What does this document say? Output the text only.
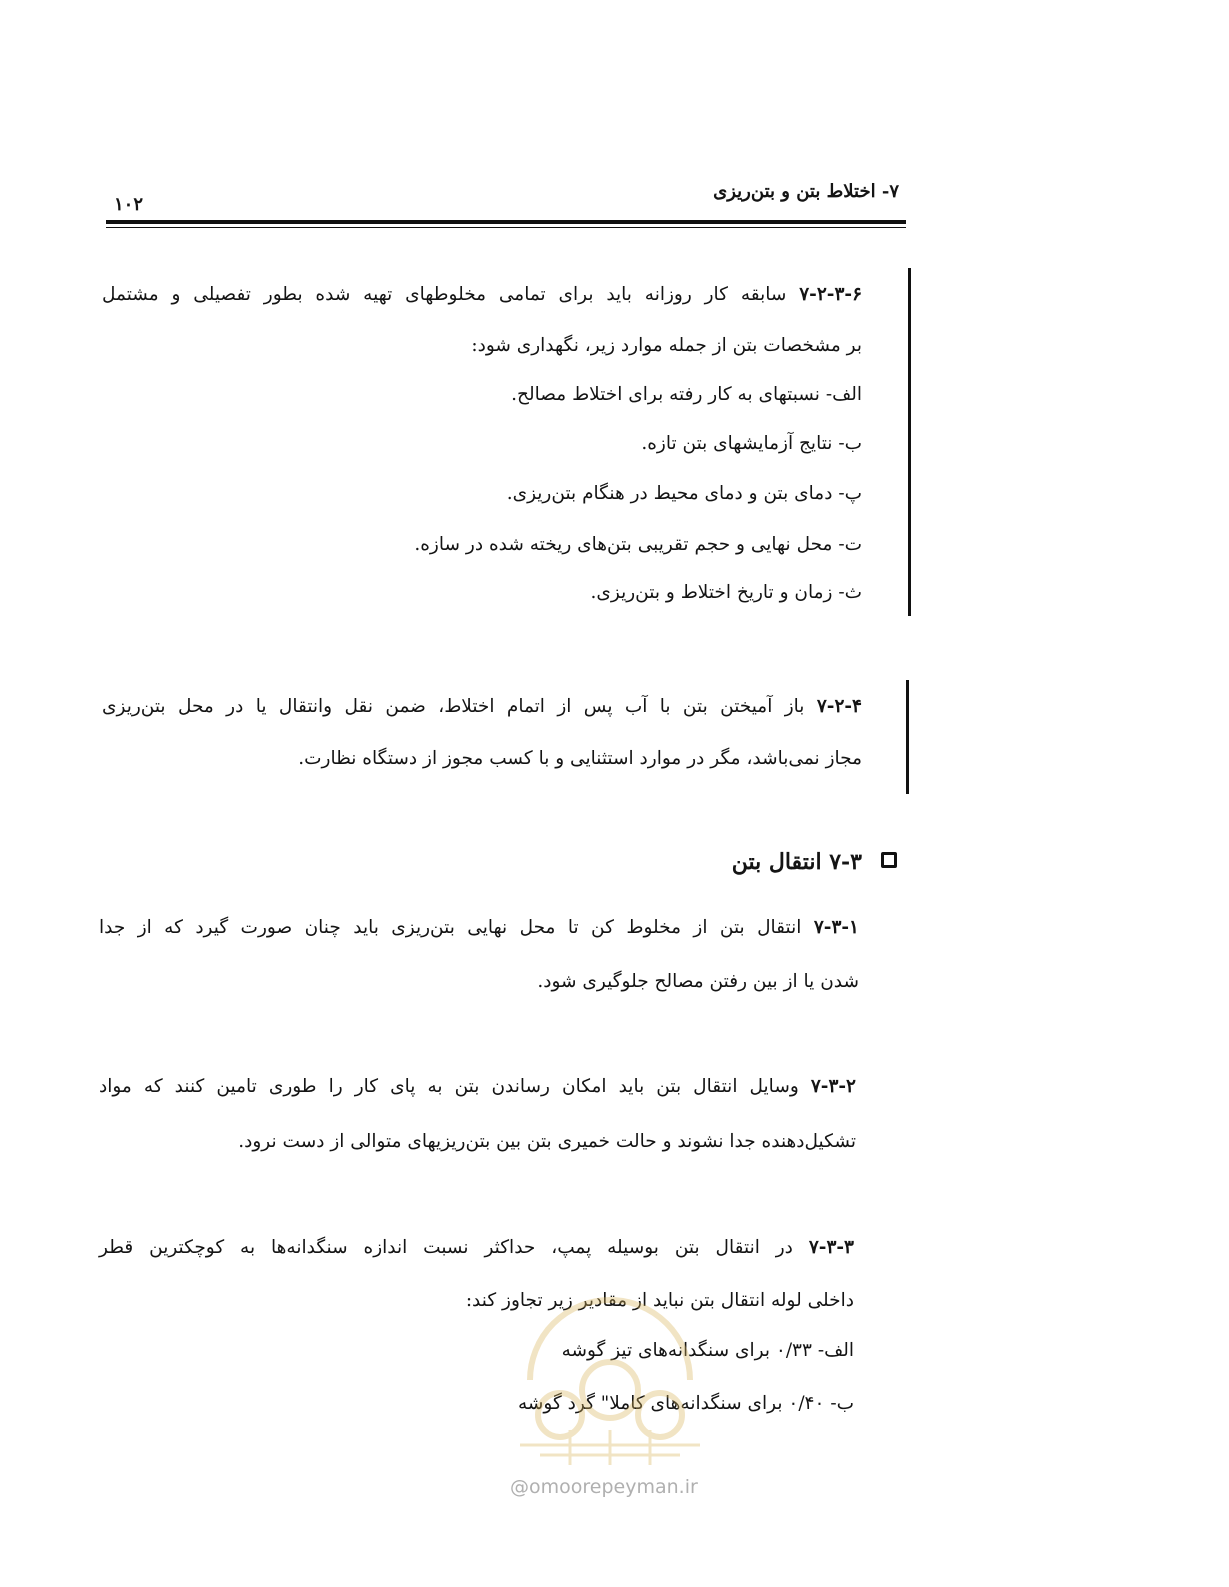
۷- اختلاط بتن و بتن‌ریزی
۱۰۲
۷-۲-۳-۶ سابقه کار روزانه باید برای تمامی مخلوطهای تهیه شده بطور تفصیلی و مشتمل
بر مشخصات بتن از جمله موارد زیر، نگهداری شود:
الف- نسبتهای به کار رفته برای اختلاط مصالح.
ب- نتایج آزمایشهای بتن تازه.
پ- دمای بتن و دمای محیط در هنگام بتن‌ریزی.
ت- محل نهایی و حجم تقریبی بتن‌های ریخته شده در سازه.
ث- زمان و تاریخ اختلاط و بتن‌ریزی.
۷-۲-۴ باز آمیختن بتن با آب پس از اتمام اختلاط، ضمن نقل وانتقال یا در محل بتن‌ریزی
مجاز نمی‌باشد، مگر در موارد استثنایی و با کسب مجوز از دستگاه نظارت.
۷-۳ انتقال بتن
۷-۳-۱ انتقال بتن از مخلوط کن تا محل نهایی بتن‌ریزی باید چنان صورت گیرد که از جدا
شدن یا از بین رفتن مصالح جلوگیری شود.
۷-۳-۲ وسایل انتقال بتن باید امکان رساندن بتن به پای کار را طوری تامین کنند که مواد
تشکیل‌دهنده جدا نشوند و حالت خمیری بتن بین بتن‌ریزیهای متوالی از دست نرود.
۷-۳-۳ در انتقال بتن بوسیله پمپ، حداکثر نسبت اندازه سنگدانه‌ها به کوچکترین قطر
داخلی لوله انتقال بتن نباید از مقادیر زیر تجاوز کند:
الف- ۰/۳۳ برای سنگدانه‌های تیز گوشه
ب- ۰/۴۰ برای سنگدانه‌های کاملا" گرد گوشه
@omoorepeyman.ir
